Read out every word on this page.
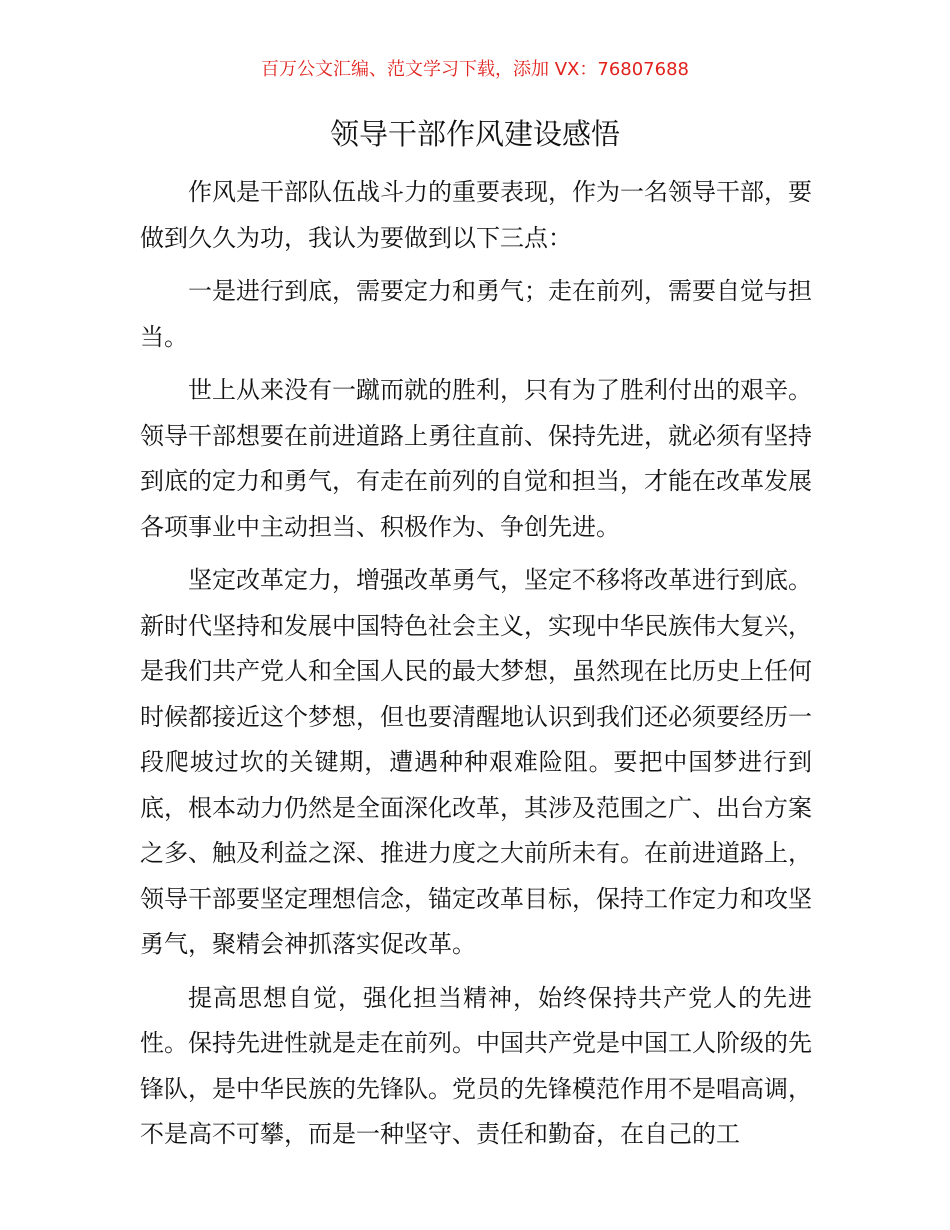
百万公文汇编、范文学习下载，添加 VX：76807688
领导干部作风建设感悟

作风是干部队伍战斗力的重要表现，作为一名领导干部，要做到久久为功，我认为要做到以下三点：

一是进行到底，需要定力和勇气；走在前列，需要自觉与担当。

世上从来没有一蹴而就的胜利，只有为了胜利付出的艰辛。领导干部想要在前进道路上勇往直前、保持先进，就必须有坚持到底的定力和勇气，有走在前列的自觉和担当，才能在改革发展各项事业中主动担当、积极作为、争创先进。

坚定改革定力，增强改革勇气，坚定不移将改革进行到底。新时代坚持和发展中国特色社会主义，实现中华民族伟大复兴，是我们共产党人和全国人民的最大梦想，虽然现在比历史上任何时候都接近这个梦想，但也要清醒地认识到我们还必须要经历一段爬坡过坎的关键期，遭遇种种艰难险阻。要把中国梦进行到底，根本动力仍然是全面深化改革，其涉及范围之广、出台方案之多、触及利益之深、推进力度之大前所未有。在前进道路上，领导干部要坚定理想信念，锚定改革目标，保持工作定力和攻坚勇气，聚精会神抓落实促改革。

提高思想自觉，强化担当精神，始终保持共产党人的先进性。保持先进性就是走在前列。中国共产党是中国工人阶级的先锋队，是中华民族的先锋队。党员的先锋模范作用不是唱高调，不是高不可攀，而是一种坚守、责任和勤奋，在自己的工
